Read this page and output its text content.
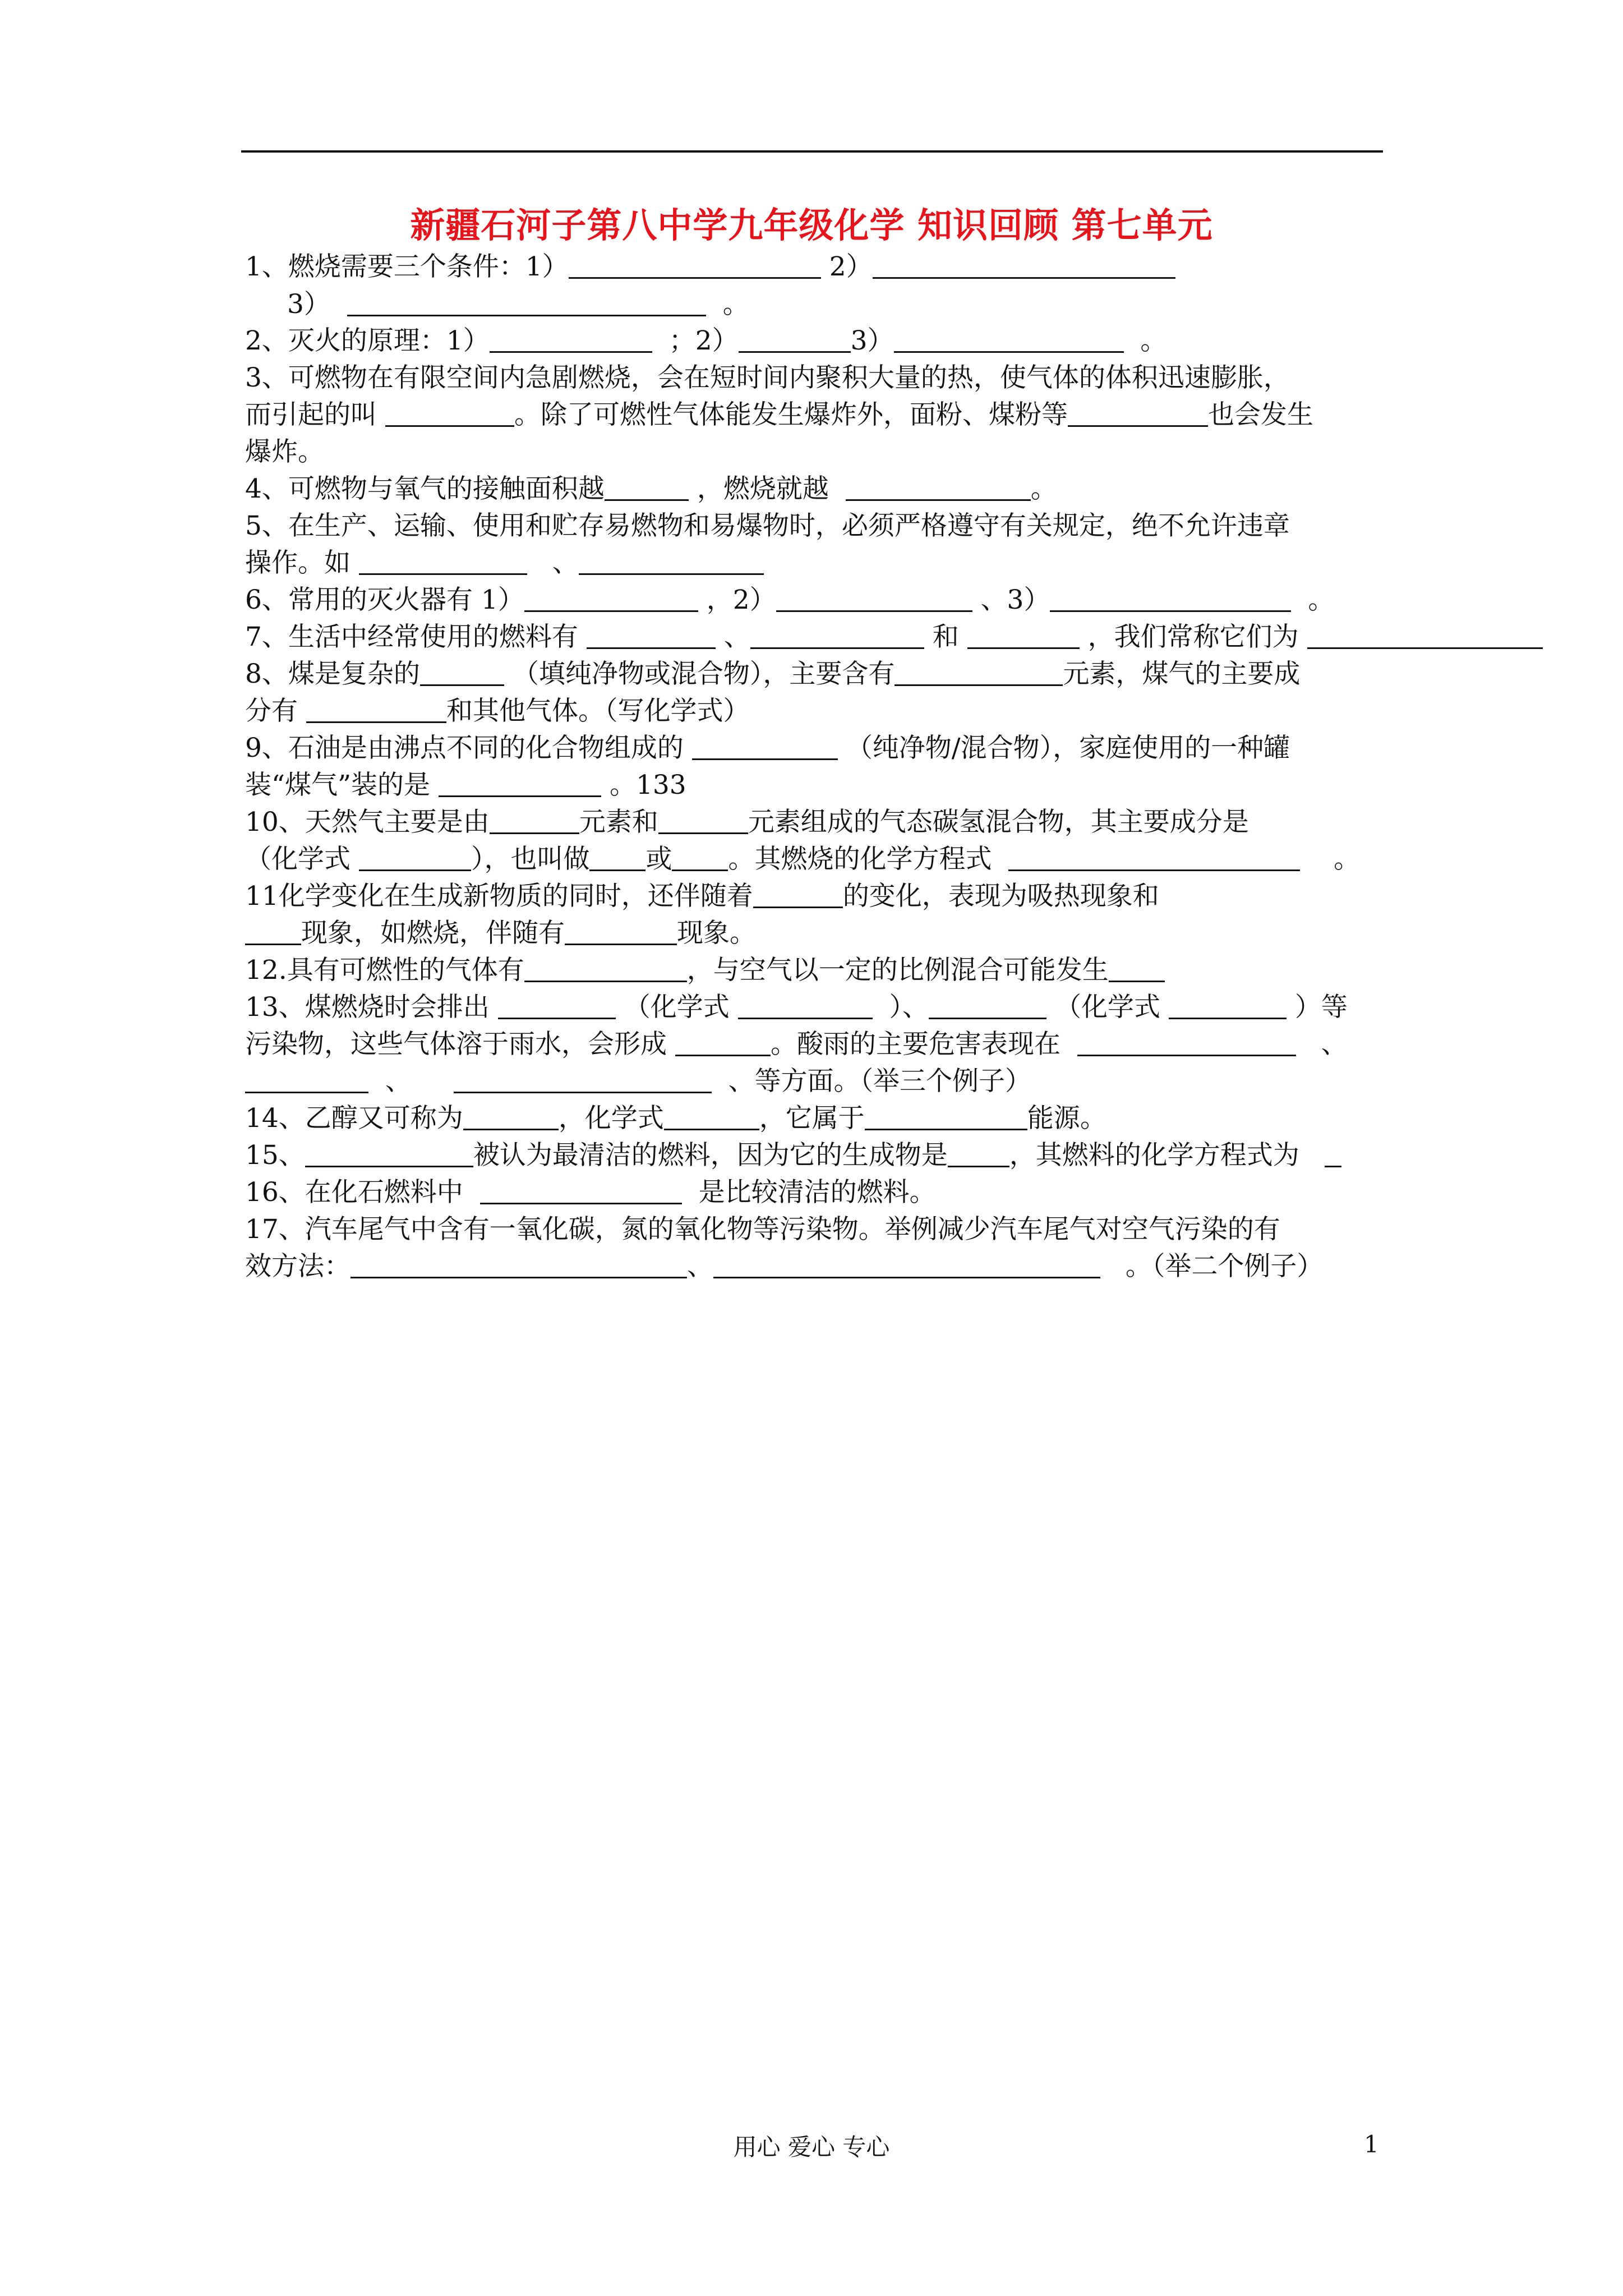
新疆石河子第八中学九年级化学 知识回顾 第七单元
1、燃烧需要三个条件：1）	2）
3）	。
2、灭火的原理：1）	；2）	3）	。
3、可燃物在有限空间内急剧燃烧，会在短时间内聚积大量的热，使气体的体积迅速膨胀，
而引起的叫	。除了可燃性气体能发生爆炸外，面粉、煤粉等	也会发生
爆炸。
4、可燃物与氧气的接触面积越	，燃烧就越	。
5、在生产、运输、使用和贮存易燃物和易爆物时，必须严格遵守有关规定，绝不允许违章
操作。如	、
6、常用的灭火器有 1）	，2）	、3）	。
7、生活中经常使用的燃料有	、	和	，我们常称它们为
8、煤是复杂的	（填纯净物或混合物），主要含有	元素，煤气的主要成
分有	和其他气体。（写化学式）
9、石油是由沸点不同的化合物组成的	（纯净物/混合物），家庭使用的一种罐
装“煤气”装的是	。133
10、天然气主要是由	元素和	元素组成的气态碳氢混合物，其主要成分是
（化学式	），也叫做 或 。其燃烧的化学方程式	。
11化学变化在生成新物质的同时，还伴随着	的变化，表现为吸热现象和
现象，如燃烧，伴随有	现象。
12.具有可燃性的气体有	，与空气以一定的比例混合可能发生
13、煤燃烧时会排出	（化学式	）、	（化学式	）等
污染物，这些气体溶于雨水，会形成	。酸雨的主要危害表现在	、
、	、等方面。（举三个例子）
14、乙醇又可称为	，化学式	，它属于	能源。
15、	被认为最清洁的燃料，因为它的生成物是 ，其燃料的化学方程式为
16、在化石燃料中	是比较清洁的燃料。
17、汽车尾气中含有一氧化碳，氮的氧化物等污染物。举例减少汽车尾气对空气污染的有
效方法：	、	。（举二个例子）
用心 爱心 专心	1
